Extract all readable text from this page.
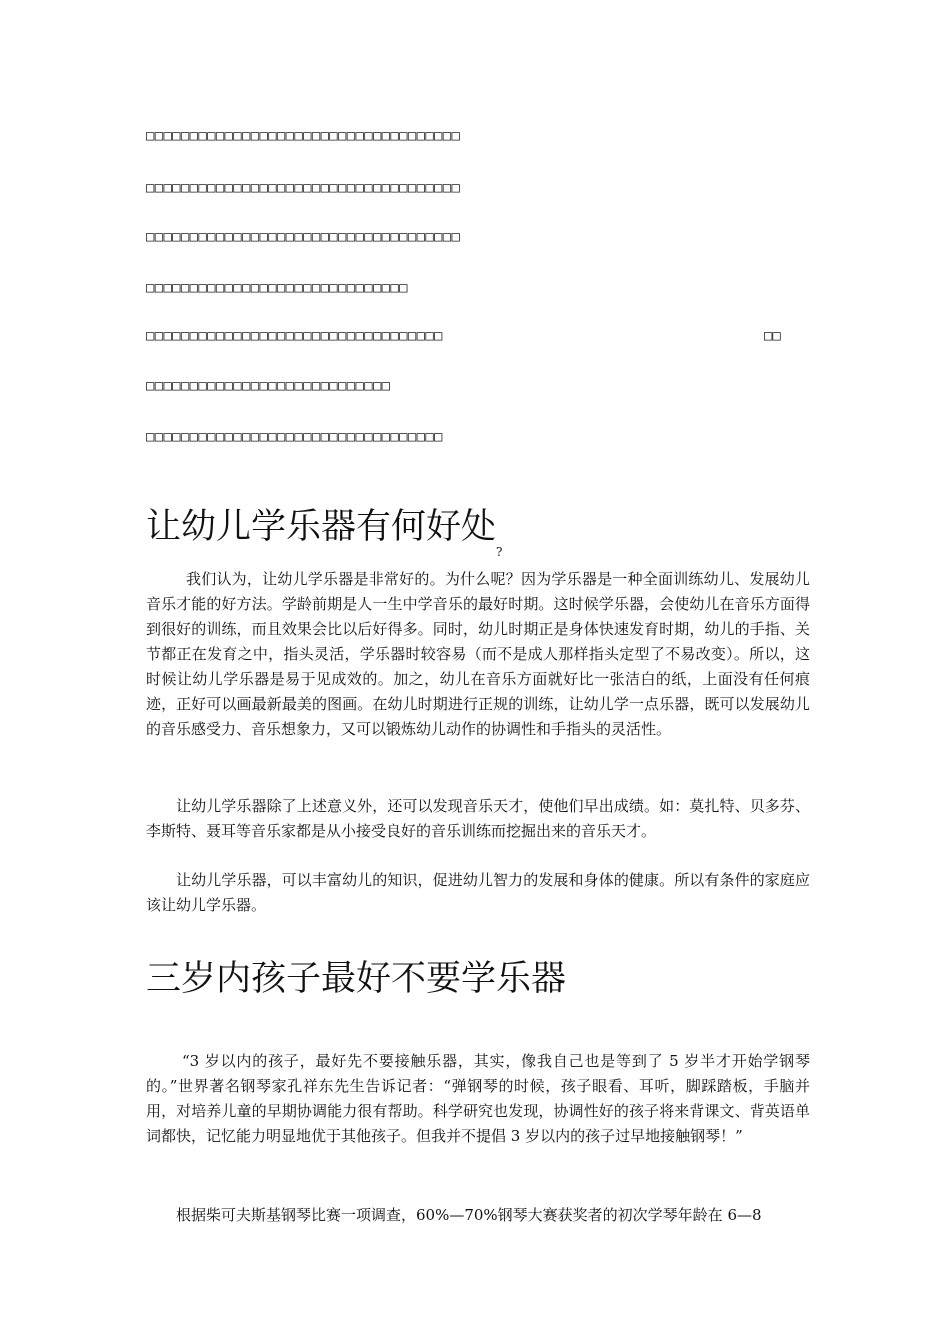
□□□□□□□□□□□□□□□□□□□□□□□□□□□□□□□□□□□□
□□□□□□□□□□□□□□□□□□□□□□□□□□□□□□□□□□□□
□□□□□□□□□□□□□□□□□□□□□□□□□□□□□□□□□□□□
□□□□□□□□□□□□□□□□□□□□□□□□□□□□□□
□□□□□□□□□□□□□□□□□□□□□□□□□□□□□□□□□□	□□
□□□□□□□□□□□□□□□□□□□□□□□□□□□□
□□□□□□□□□□□□□□□□□□□□□□□□□□□□□□□□□□
让幼儿学乐器有何好处$_?$

我们认为，让幼儿学乐器是非常好的。为什么呢？因为学乐器是一种全面训练幼儿、发展幼儿音乐才能的好方法。学龄前期是人一生中学音乐的最好时期。这时候学乐器，会使幼儿在音乐方面得到很好的训练，而且效果会比以后好得多。同时，幼儿时期正是身体快速发育时期，幼儿的手指、关节都正在发育之中，指头灵活，学乐器时较容易（而不是成人那样指头定型了不易改变）。所以，这时候让幼儿学乐器是易于见成效的。加之，幼儿在音乐方面就好比一张洁白的纸，上面没有任何痕迹，正好可以画最新最美的图画。在幼儿时期进行正规的训练，让幼儿学一点乐器，既可以发展幼儿的音乐感受力、音乐想象力，又可以锻炼幼儿动作的协调性和手指头的灵活性。

让幼儿学乐器除了上述意义外，还可以发现音乐天才，使他们早出成绩。如：莫扎特、贝多芬、李斯特、聂耳等音乐家都是从小接受良好的音乐训练而挖掘出来的音乐天才。

让幼儿学乐器，可以丰富幼儿的知识，促进幼儿智力的发展和身体的健康。所以有条件的家庭应该让幼儿学乐器。

三岁内孩子最好不要学乐器

“3 岁以内的孩子，最好先不要接触乐器，其实，像我自己也是等到了 5 岁半才开始学钢琴的。”世界著名钢琴家孔祥东先生告诉记者：“弹钢琴的时候，孩子眼看、耳听，脚踩踏板，手脑并用，对培养儿童的早期协调能力很有帮助。科学研究也发现，协调性好的孩子将来背课文、背英语单词都快，记忆能力明显地优于其他孩子。但我并不提倡 3 岁以内的孩子过早地接触钢琴！”

根据柴可夫斯基钢琴比赛一项调查，60%—70%钢琴大赛获奖者的初次学琴年龄在 6—8
